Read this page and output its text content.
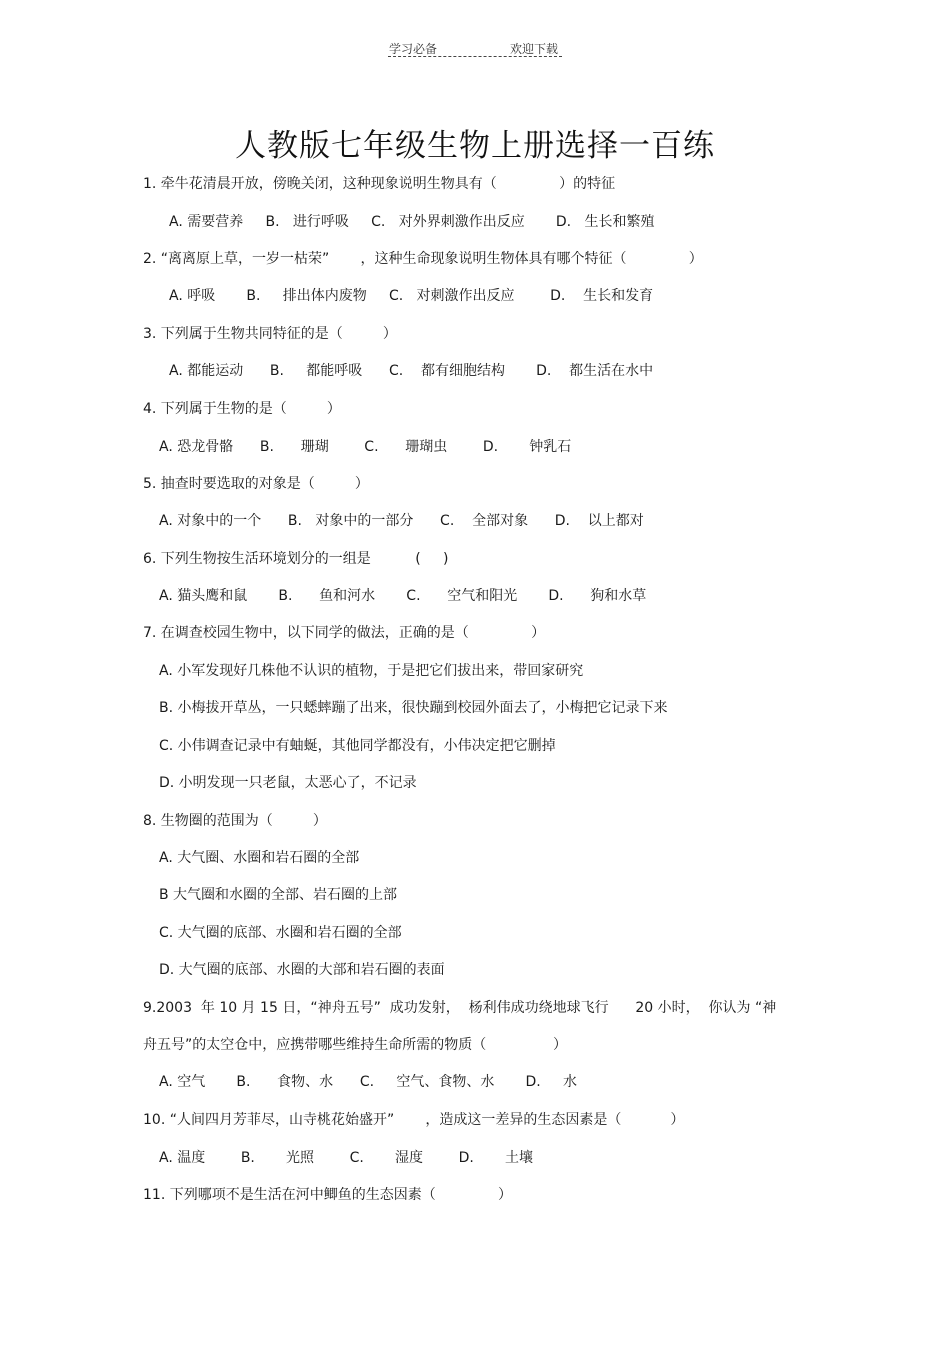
学习必备	欢迎下载
人教版七年级生物上册选择一百练
1. 牵牛花清晨开放，傍晚关闭，这种现象说明生物具有（              ）的特征
A. 需要营养     B.   进行呼吸     C.   对外界刺激作出反应       D.   生长和繁殖
2. “离离原上草，一岁一枯荣”       ，这种生命现象说明生物体具有哪个特征（              ）
A. 呼吸       B.     排出体内废物     C.   对刺激作出反应        D.    生长和发育
3. 下列属于生物共同特征的是（         ）
A. 都能运动      B.     都能呼吸      C.    都有细胞结构       D.    都生活在水中
4. 下列属于生物的是（         ）
A. 恐龙骨骼      B.      珊瑚        C.      珊瑚虫        D.       钟乳石
5. 抽查时要选取的对象是（         ）
A. 对象中的一个      B.   对象中的一部分      C.    全部对象      D.    以上都对
6. 下列生物按生活环境划分的一组是          (     )
A. 猫头鹰和鼠       B.      鱼和河水       C.      空气和阳光       D.      狗和水草
7. 在调查校园生物中，以下同学的做法，正确的是（              ）
A. 小军发现好几株他不认识的植物，于是把它们拔出来，带回家研究
B. 小梅拔开草丛，一只蟋蟀蹦了出来，很快蹦到校园外面去了，小梅把它记录下来
C. 小伟调查记录中有蚰蜒，其他同学都没有，小伟决定把它删掉
D. 小明发现一只老鼠，太恶心了，不记录
8. 生物圈的范围为（         ）
A. 大气圈、水圈和岩石圈的全部
B 大气圈和水圈的全部、岩石圈的上部
C. 大气圈的底部、水圈和岩石圈的全部
D. 大气圈的底部、水圈的大部和岩石圈的表面
9.2003  年 10 月 15 日，“神舟五号”  成功发射，  杨利伟成功绕地球飞行      20 小时，  你认为 “神
舟五号”的太空仓中，应携带哪些维持生命所需的物质（               ）
A. 空气       B.      食物、水      C.     空气、食物、水       D.     水
10. “人间四月芳菲尽，山寺桃花始盛开”       ，造成这一差异的生态因素是（           ）
A. 温度        B.       光照        C.       湿度        D.       土壤
11. 下列哪项不是生活在河中鲫鱼的生态因素（              ）
